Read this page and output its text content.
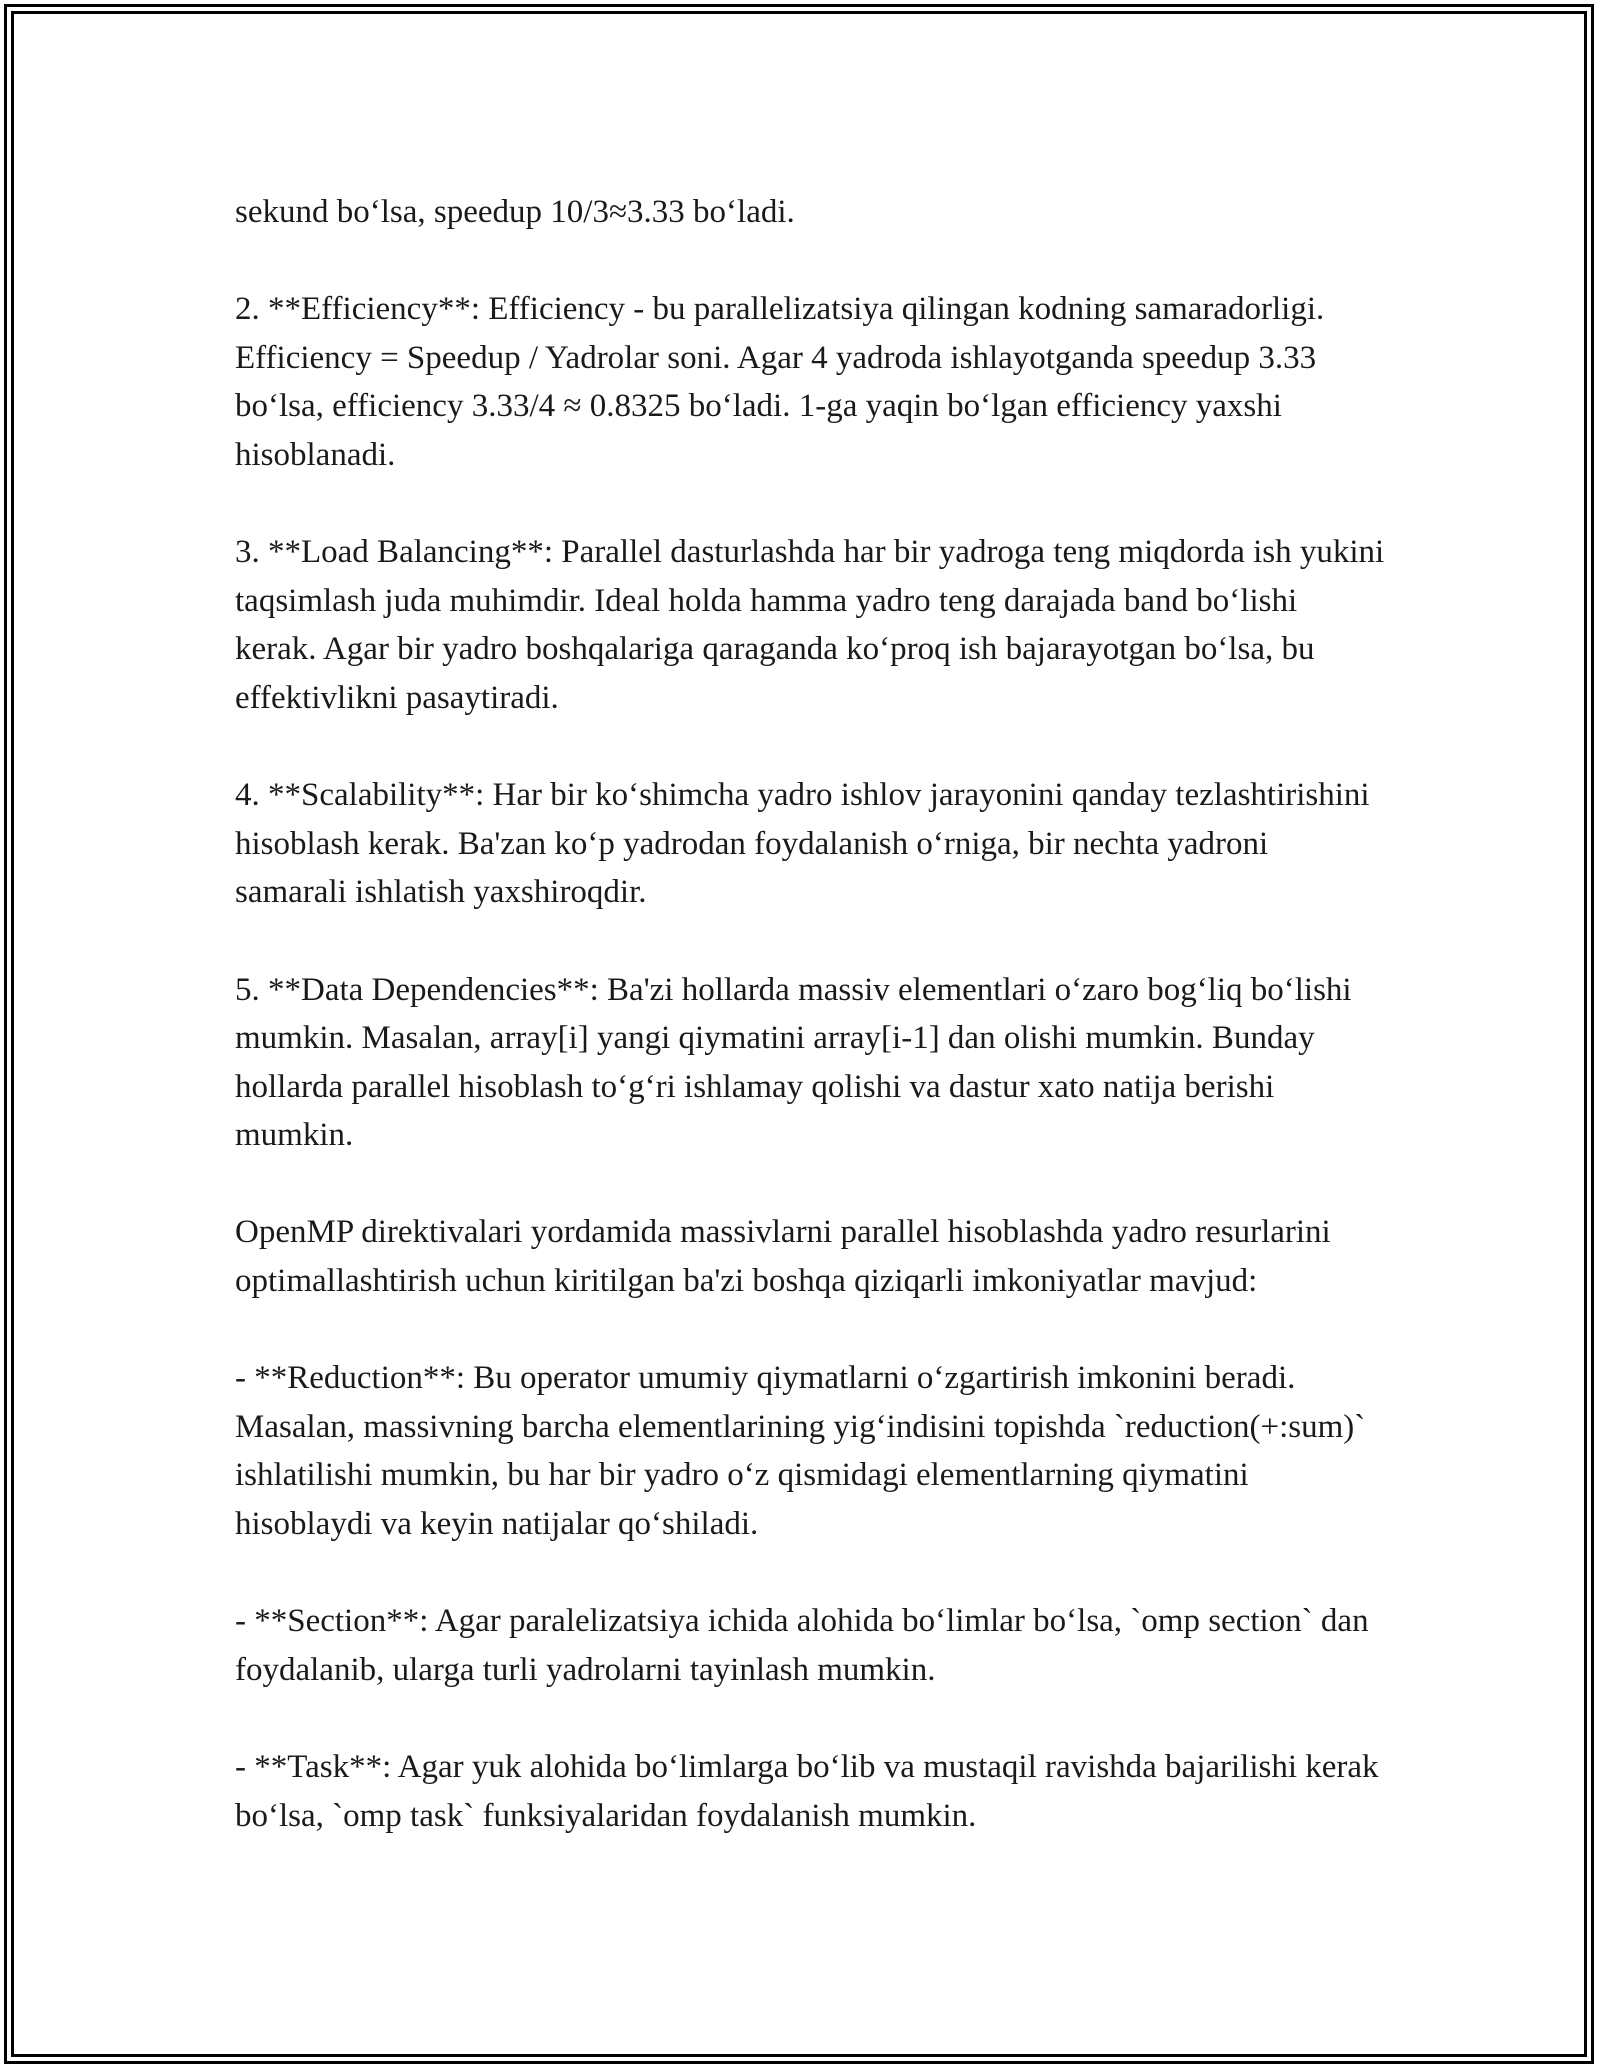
sekund bo‘lsa, speedup 10/3≈3.33 bo‘ladi.

2. **Efficiency**: Efficiency - bu parallelizatsiya qilingan kodning samaradorligi. Efficiency = Speedup / Yadrolar soni. Agar 4 yadroda ishlayotganda speedup 3.33 bo‘lsa, efficiency 3.33/4 ≈ 0.8325 bo‘ladi. 1-ga yaqin bo‘lgan efficiency yaxshi hisoblanadi.

3. **Load Balancing**: Parallel dasturlashda har bir yadroga teng miqdorda ish yukini taqsimlash juda muhimdir. Ideal holda hamma yadro teng darajada band bo‘lishi kerak. Agar bir yadro boshqalariga qaraganda ko‘proq ish bajarayotgan bo‘lsa, bu effektivlikni pasaytiradi.

4. **Scalability**: Har bir ko‘shimcha yadro ishlov jarayonini qanday tezlashtirishini hisoblash kerak. Ba'zan ko‘p yadrodan foydalanish o‘rniga, bir nechta yadroni samarali ishlatish yaxshiroqdir.

5. **Data Dependencies**: Ba'zi hollarda massiv elementlari o‘zaro bog‘liq bo‘lishi mumkin. Masalan, array[i] yangi qiymatini array[i-1] dan olishi mumkin. Bunday hollarda parallel hisoblash to‘g‘ri ishlamay qolishi va dastur xato natija berishi mumkin.

OpenMP direktivalari yordamida massivlarni parallel hisoblashda yadro resurlarini optimallashtirish uchun kiritilgan ba'zi boshqa qiziqarli imkoniyatlar mavjud:

- **Reduction**: Bu operator umumiy qiymatlarni o‘zgartirish imkonini beradi. Masalan, massivning barcha elementlarining yig‘indisini topishda `reduction(+:sum)` ishlatilishi mumkin, bu har bir yadro o‘z qismidagi elementlarning qiymatini hisoblaydi va keyin natijalar qo‘shiladi.

- **Section**: Agar paralelizatsiya ichida alohida bo‘limlar bo‘lsa, `omp section` dan foydalanib, ularga turli yadrolarni tayinlash mumkin.

- **Task**: Agar yuk alohida bo‘limlarga bo‘lib va mustaqil ravishda bajarilishi kerak bo‘lsa, `omp task` funksiyalaridan foydalanish mumkin.
